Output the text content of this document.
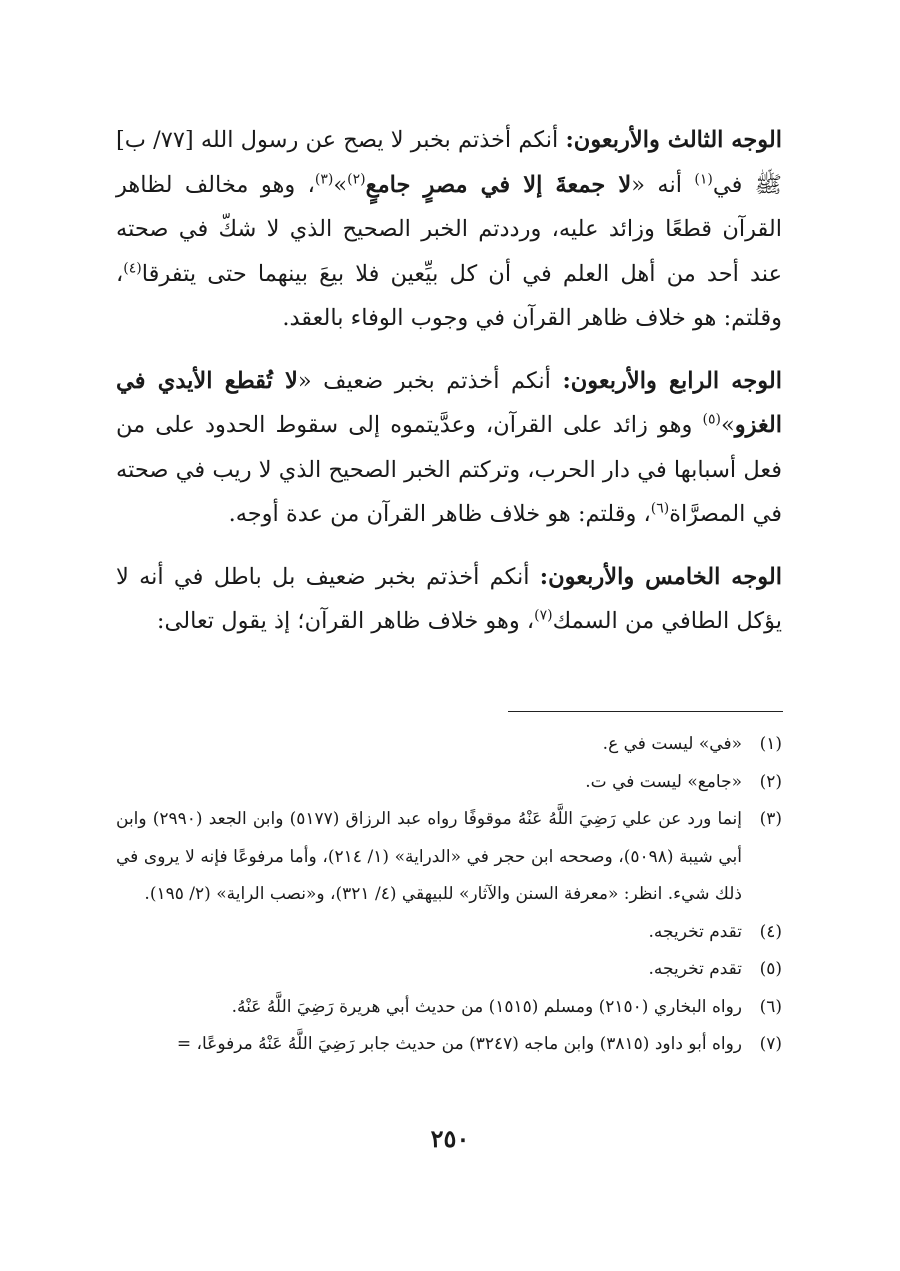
الوجه الثالث والأربعون: أنكم أخذتم بخبر لا يصح عن رسول الله [٧٧/ ب] ﷺ في$^{(١)}$ أنه «لا جمعةَ إلا في مصرٍ جامعٍ$^{(٢)}$»$^{(٣)}$، وهو مخالف لظاهر القرآن قطعًا وزائد عليه، ورددتم الخبر الصحيح الذي لا شكّ في صحته عند أحد من أهل العلم في أن كل بيِّعين فلا بيعَ بينهما حتى يتفرقا$^{(٤)}$، وقلتم: هو خلاف ظاهر القرآن في وجوب الوفاء بالعقد.

الوجه الرابع والأربعون: أنكم أخذتم بخبر ضعيف «لا تُقطع الأيدي في الغزو»$^{(٥)}$ وهو زائد على القرآن، وعدَّيتموه إلى سقوط الحدود على من فعل أسبابها في دار الحرب، وتركتم الخبر الصحيح الذي لا ريب في صحته في المصرَّاة$^{(٦)}$، وقلتم: هو خلاف ظاهر القرآن من عدة أوجه.

الوجه الخامس والأربعون: أنكم أخذتم بخبر ضعيف بل باطل في أنه لا يؤكل الطافي من السمك$^{(٧)}$، وهو خلاف ظاهر القرآن؛ إذ يقول تعالى:

(١)
«في» ليست في ع.
(٢)
«جامع» ليست في ت.
(٣)
إنما ورد عن علي رَضِيَ اللَّهُ عَنْهُ موقوفًا رواه عبد الرزاق (٥١٧٧) وابن الجعد (٢٩٩٠) وابن أبي شيبة (٥٠٩٨)، وصححه ابن حجر في «الدراية» (١/ ٢١٤)، وأما مرفوعًا فإنه لا يروى في ذلك شيء. انظر: «معرفة السنن والآثار» للبيهقي (٤/ ٣٢١)، و«نصب الراية» (٢/ ١٩٥).
(٤)
تقدم تخريجه.
(٥)
تقدم تخريجه.
(٦)
رواه البخاري (٢١٥٠) ومسلم (١٥١٥) من حديث أبي هريرة رَضِيَ اللَّهُ عَنْهُ.
(٧)
رواه أبو داود (٣٨١٥) وابن ماجه (٣٢٤٧) من حديث جابر رَضِيَ اللَّهُ عَنْهُ مرفوعًا، =
٢٥٠
